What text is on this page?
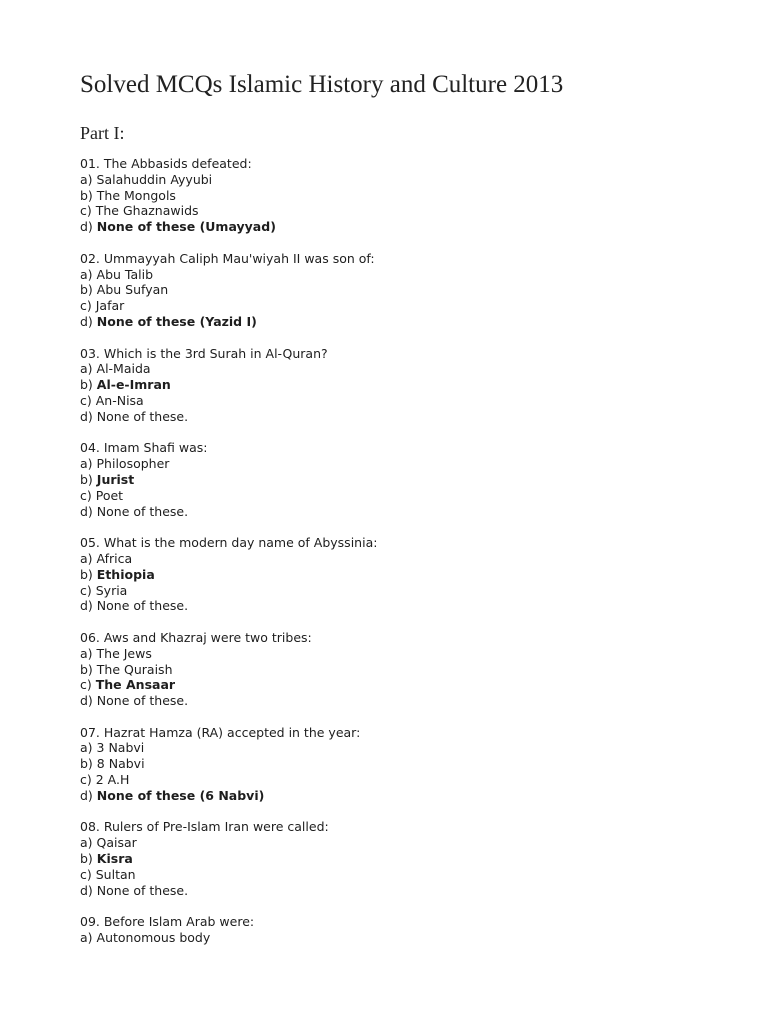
Solved MCQs Islamic History and Culture 2013
Part I:
01. The Abbasids defeated:
a) Salahuddin Ayyubi
b) The Mongols
c) The Ghaznawids
d) None of these (Umayyad)
02. Ummayyah Caliph Mau'wiyah II was son of:
a) Abu Talib
b) Abu Sufyan
c) Jafar
d) None of these (Yazid I)
03. Which is the 3rd Surah in Al-Quran?
a) Al-Maida
b) Al-e-Imran
c) An-Nisa
d) None of these.
04. Imam Shafi was:
a) Philosopher
b) Jurist
c) Poet
d) None of these.
05. What is the modern day name of Abyssinia:
a) Africa
b) Ethiopia
c) Syria
d) None of these.
06. Aws and Khazraj were two tribes:
a) The Jews
b) The Quraish
c) The Ansaar
d) None of these.
07. Hazrat Hamza (RA) accepted in the year:
a) 3 Nabvi
b) 8 Nabvi
c) 2 A.H
d) None of these (6 Nabvi)
08. Rulers of Pre-Islam Iran were called:
a) Qaisar
b) Kisra
c) Sultan
d) None of these.
09. Before Islam Arab were:
a) Autonomous body
